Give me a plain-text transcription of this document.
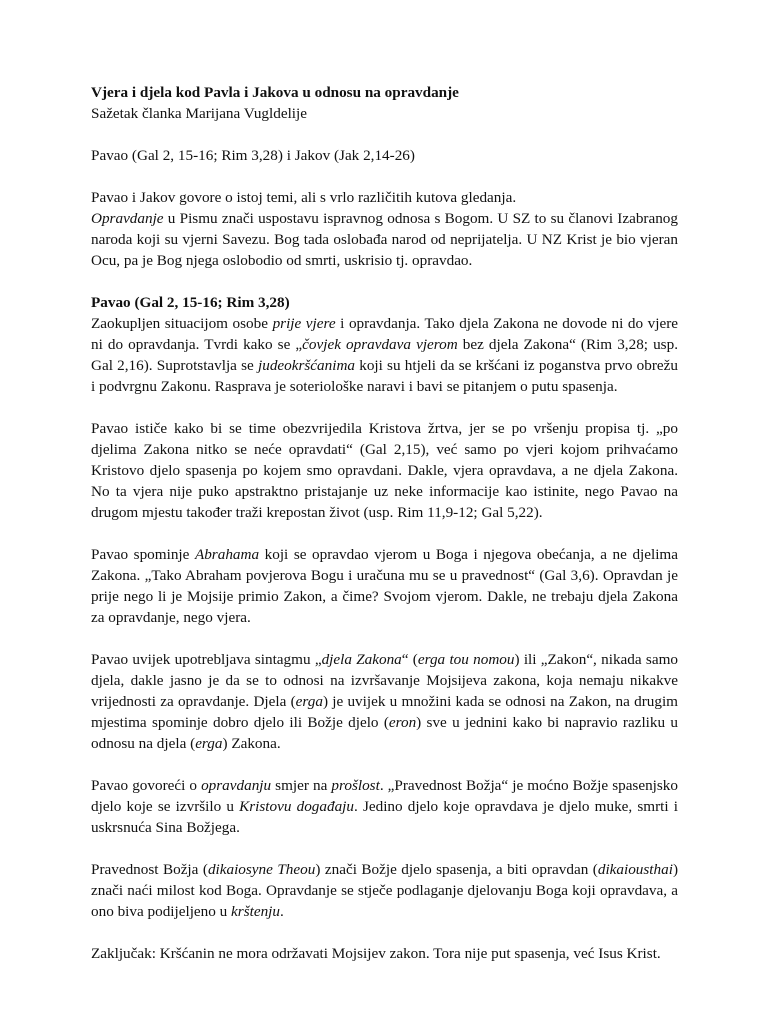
Vjera i djela kod Pavla i Jakova u odnosu na opravdanje

Sažetak članka Marijana Vugldelije

Pavao (Gal 2, 15-16; Rim 3,28) i Jakov (Jak 2,14-26)

Pavao i Jakov govore o istoj temi, ali s vrlo različitih kutova gledanja.

Opravdanje u Pismu znači uspostavu ispravnog odnosa s Bogom. U SZ to su članovi Izabranog naroda koji su vjerni Savezu. Bog tada oslobađa narod od neprijatelja. U NZ Krist je bio vjeran Ocu, pa je Bog njega oslobodio od smrti, uskrisio tj. opravdao.

Pavao (Gal 2, 15-16; Rim 3,28)

Zaokupljen situacijom osobe prije vjere i opravdanja. Tako djela Zakona ne dovode ni do vjere ni do opravdanja. Tvrdi kako se „čovjek opravdava vjerom bez djela Zakona“ (Rim 3,28; usp. Gal 2,16). Suprotstavlja se judeokršćanima koji su htjeli da se kršćani iz poganstva prvo obrežu i podvrgnu Zakonu. Rasprava je soteriološke naravi i bavi se pitanjem o putu spasenja.

Pavao ističe kako bi se time obezvrijedila Kristova žrtva, jer se po vršenju propisa tj. „po djelima Zakona nitko se neće opravdati“ (Gal 2,15), već samo po vjeri kojom prihvaćamo Kristovo djelo spasenja po kojem smo opravdani. Dakle, vjera opravdava, a ne djela Zakona. No ta vjera nije puko apstraktno pristajanje uz neke informacije kao istinite, nego Pavao na drugom mjestu također traži krepostan život (usp. Rim 11,9-12; Gal 5,22).

Pavao spominje Abrahama koji se opravdao vjerom u Boga i njegova obećanja, a ne djelima Zakona. „Tako Abraham povjerova Bogu i uračuna mu se u pravednost“ (Gal 3,6). Opravdan je prije nego li je Mojsije primio Zakon, a čime? Svojom vjerom. Dakle, ne trebaju djela Zakona za opravdanje, nego vjera.

Pavao uvijek upotrebljava sintagmu „djela Zakona“ (erga tou nomou) ili „Zakon“, nikada samo djela, dakle jasno je da se to odnosi na izvršavanje Mojsijeva zakona, koja nemaju nikakve vrijednosti za opravdanje. Djela (erga) je uvijek u množini kada se odnosi na Zakon, na drugim mjestima spominje dobro djelo ili Božje djelo (eron) sve u jednini kako bi napravio razliku u odnosu na djela (erga) Zakona.

Pavao govoreći o opravdanju smjer na prošlost. „Pravednost Božja“ je moćno Božje spasenjsko djelo koje se izvršilo u Kristovu događaju. Jedino djelo koje opravdava je djelo muke, smrti i uskrsnuća Sina Božjega.

Pravednost Božja (dikaiosyne Theou) znači Božje djelo spasenja, a biti opravdan (dikaiousthai) znači naći milost kod Boga. Opravdanje se stječe podlaganje djelovanju Boga koji opravdava, a ono biva podijeljeno u krštenju.

Zaključak: Kršćanin ne mora održavati Mojsijev zakon. Tora nije put spasenja, već Isus Krist.
